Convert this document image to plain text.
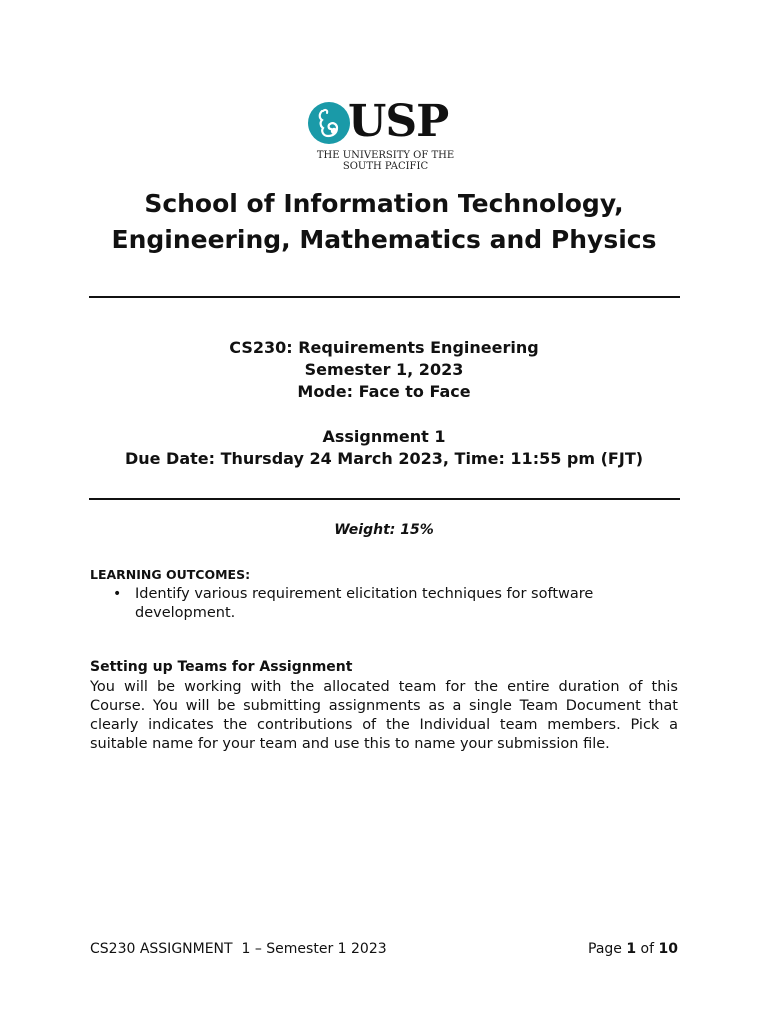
USP
THE UNIVERSITY OF THE
SOUTH PACIFIC
School of Information Technology,
Engineering, Mathematics and Physics
CS230: Requirements Engineering
Semester 1, 2023
Mode: Face to Face
Assignment 1
Due Date: Thursday 24 March 2023, Time: 11:55 pm (FJT)
Weight: 15%
LEARNING OUTCOMES:
• Identify various requirement elicitation techniques for software development.
Setting up Teams for Assignment
You will be working with the allocated team for the entire duration of this Course. You will be submitting assignments as a single Team Document that clearly indicates the contributions of the Individual team members. Pick a suitable name for your team and use this to name your submission file.
CS230 ASSIGNMENT  1 – Semester 1 2023	Page 1 of 10
